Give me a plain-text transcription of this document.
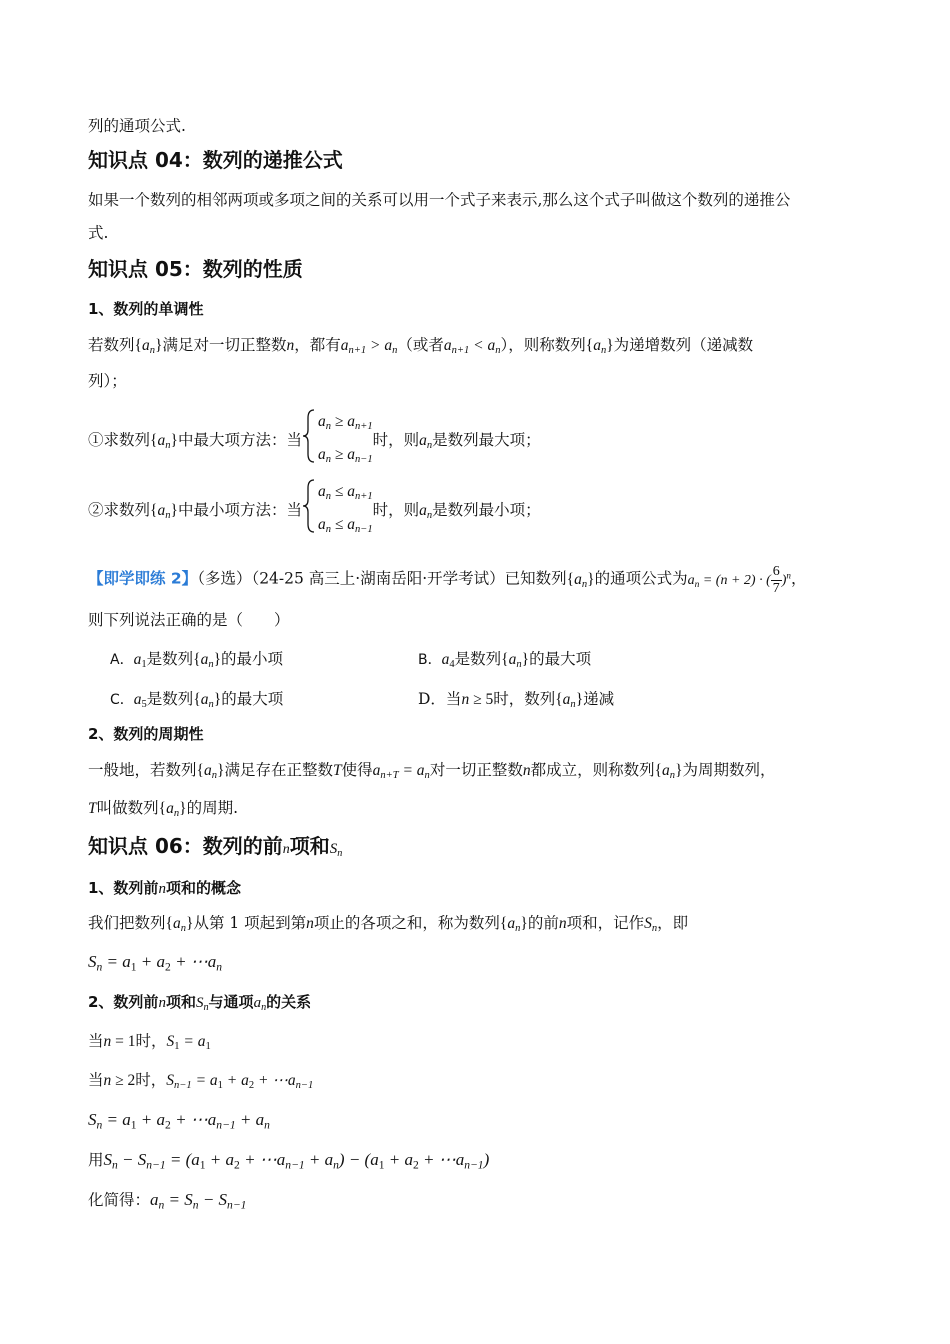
列的通项公式.
知识点 04：数列的递推公式
如果一个数列的相邻两项或多项之间的关系可以用一个式子来表示,那么这个式子叫做这个数列的递推公
式.
知识点 05：数列的性质
1、数列的单调性
若数列$\{a_n\}$满足对一切正整数n，都有$a_{n+1} > a_n$（或者$a_{n+1} < a_n$），则称数列$\{a_n\}$为递增数列（递减数
列）；
①求数列$\{a_n\}$中最大项方法：当
$a_n \ge a_{n+1}$
$a_n \ge a_{n-1}$
时，则$a_n$是数列最大项；
②求数列$\{a_n\}$中最小项方法：当
$a_n \le a_{n+1}$
$a_n \le a_{n-1}$
时，则$a_n$是数列最小项；
【即学即练 2】（多选）（24-25 高三上·湖南岳阳·开学考试）已知数列$\{a_n\}$的通项公式为$a_n = (n + 2)$ · ( $\frac{6}{7} )^n$，
则下列说法正确的是（　　）
A．$a_1$是数列$\{a_n\}$的最小项	B．$a_4$是数列$\{a_n\}$的最大项
C．$a_5$是数列$\{a_n\}$的最大项	D．当n ≥ 5时，数列$\{a_n\}$递减
2、数列的周期性
一般地，若数列$\{a_n\}$满足存在正整数T使得$a_{n+T} = a_n$对一切正整数n都成立，则称数列$\{a_n\}$为周期数列，
T叫做数列$\{a_n\}$的周期.
知识点 06：数列的前n项和$S_n$
1、数列前n项和的概念
我们把数列$\{a_n\}$从第 1 项起到第n项止的各项之和，称为数列$\{a_n\}$的前n项和，记作$S_n$，即
$S_n = a_1 + a_2$ + $\cdots a_n$
2、数列前n项和$S_n$与通项$a_n$的关系
当n = 1时，$S_1 = a_1$
当n ≥ 2时，$S_{n-1} = a_1 + a_2$ + $\cdots a_{n-1}$
$S_n = a_1 + a_2$ + $\cdots a_{n-1} + a_n$
用$S_n - S_{n-1} = (a_1 + a_2$ + $\cdots a_{n-1} + a_n) - (a_1 + a_2$ + $\cdots a_{n-1}$)
化简得：$a_n = S_n - S_{n-1}$
